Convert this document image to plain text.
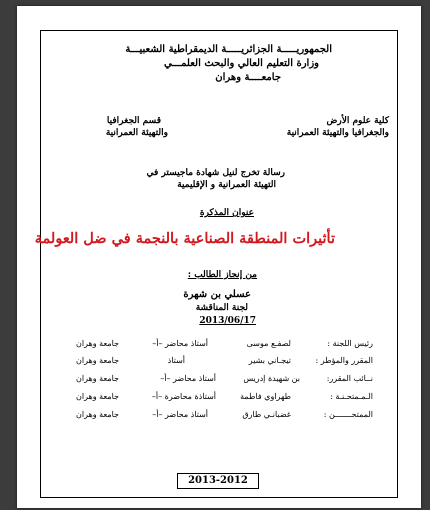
الجمهوريـــــة الجزائريـــــة الديمقراطية الشعبيـــة
وزارة التعليم العالي والبحث العلمـــي
جامعــــة وهران
كلية علوم الأرض
والجغرافيا والتهيئة العمرانية
قسم الجغرافيا
والتهيئة العمرانية
رسالة تخرج لنيل شهادة ماجيستر في
التهيئة العمرانية و الإقليمية
عنوان المذكرة
تأثيرات المنطقة الصناعية بالنجمة في ضل العولمة
من إنجاز الطالب :
عسلي بن شهرة
لجنة المناقشة
2013/06/17
رئيس اللجنة :
لصفـع موسى
أستاذ محاضر –أ–
جامعة وهران
المقرر والمؤطر :
تيجـاني بشير
أستاذ
جامعة وهران
نــائب المقرر:
بن شهيدة إدريس
أستاذ محاضر –أ–
جامعة وهران
الـمـمتحـنـة :
طهراوي فاطمة
أستاذة محاضرة –أ–
جامعة وهران
الممتحـــــــن :
غضبانـي طارق
أستاذ محاضر –أ–
جامعة وهران
2013-2012
